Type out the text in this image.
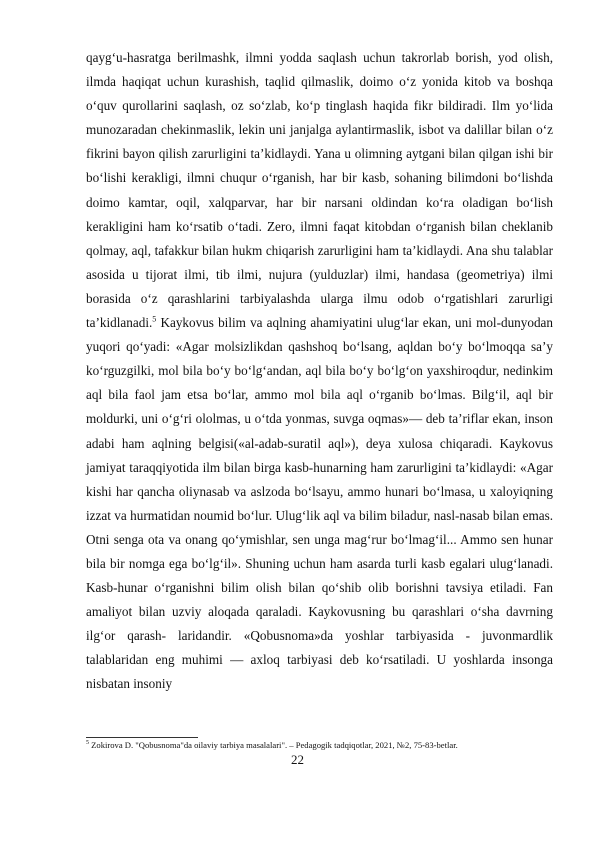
qayg‘u-hasratga berilmashk, ilmni yodda saqlash uchun takrorlab borish, yod olish, ilmda haqiqat uchun kurashish, taqlid qilmaslik, doimo o‘z yonida kitob va boshqa o‘quv qurollarini saqlash, oz so‘zlab, ko‘p tinglash haqida fikr bildiradi. Ilm yo‘lida munozaradan chekinmaslik, lekin uni janjalga aylantirmaslik, isbot va dalillar bilan o‘z fikrini bayon qilish zarurligini ta’kidlaydi. Yana u olimning aytgani bilan qilgan ishi bir bo‘lishi kerakligi, ilmni chuqur o‘rganish, har bir kasb, sohaning bilimdoni bo‘lishda doimo kamtar, oqil, xalqparvar, har bir narsani oldindan ko‘ra oladigan bo‘lish kerakligini ham ko‘rsatib o‘tadi. Zero, ilmni faqat kitobdan o‘rganish bilan cheklanib qolmay, aql, tafakkur bilan hukm chiqarish zarurligini ham ta’kidlaydi. Ana shu talablar asosida u tijorat ilmi, tib ilmi, nujura (yulduzlar) ilmi, handasa (geometriya) ilmi borasida o‘z qarashlarini tarbiyalashda ularga ilmu odob o‘rgatishlari zarurligi ta’kidlanadi.$^5$ Kaykovus bilim va aqlning ahamiyatini ulug‘lar ekan, uni mol-dunyodan yuqori qo‘yadi: «Agar molsizlikdan qashshoq bo‘lsang, aqldan bo‘y bo‘lmoqqa sa’y ko‘rguzgilki, mol bila bo‘y bo‘lg‘andan, aql bila bo‘y bo‘lg‘on yaxshiroqdur, nedinkim aql bila faol jam etsa bo‘lar, ammo mol bila aql o‘rganib bo‘lmas. Bilg‘il, aql bir moldurki, uni o‘g‘ri ololmas, u o‘tda yonmas, suvga oqmas»— deb ta’riflar ekan, inson adabi ham aqlning belgisi(«al-adab-suratil aql»), deya xulosa chiqaradi. Kaykovus jamiyat taraqqiyotida ilm bilan birga kasb-hunarning ham zarurligini ta’kidlaydi: «Agar kishi har qancha oliynasab va aslzoda bo‘lsayu, ammo hunari bo‘lmasa, u xaloyiqning izzat va hurmatidan noumid bo‘lur. Ulug‘lik aql va bilim biladur, nasl-nasab bilan emas. Otni senga ota va onang qo‘ymishlar, sen unga mag‘rur bo‘lmag‘il... Ammo sen hunar bila bir nomga ega bo‘lg‘il». Shuning uchun ham asarda turli kasb egalari ulug‘lanadi. Kasb-hunar o‘rganishni bilim olish bilan qo‘shib olib borishni tavsiya etiladi. Fan amaliyot bilan uzviy aloqada qaraladi. Kaykovusning bu qarashlari o‘sha davrning ilg‘or qarash- laridandir. «Qobusnoma»da yoshlar tarbiyasida - juvonmardlik talablaridan eng muhimi — axloq tarbiyasi deb ko‘rsatiladi. U yoshlarda insonga nisbatan insoniy
$^5$ Zokirova D. "Qobusnoma"da oilaviy tarbiya masalalari". – Pedagogik tadqiqotlar, 2021, №2, 75-83-betlar.
22
